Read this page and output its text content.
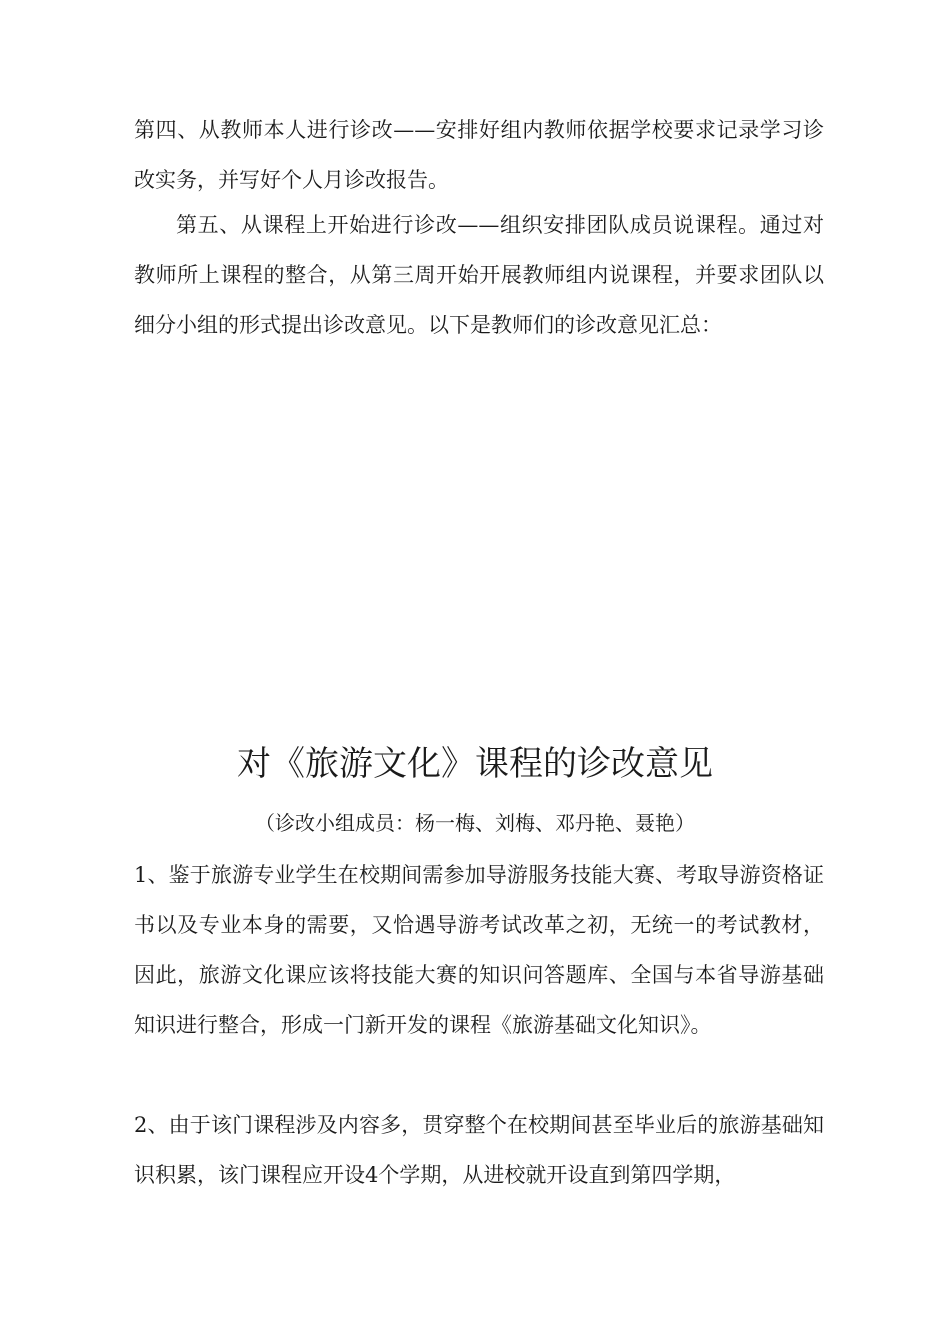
第四、从教师本人进行诊改——安排好组内教师依据学校要求记录学习诊改实务，并写好个人月诊改报告。

第五、从课程上开始进行诊改——组织安排团队成员说课程。通过对教师所上课程的整合，从第三周开始开展教师组内说课程，并要求团队以细分小组的形式提出诊改意见。以下是教师们的诊改意见汇总：

对《旅游文化》课程的诊改意见

（诊改小组成员：杨一梅、刘梅、邓丹艳、聂艳）

1、鉴于旅游专业学生在校期间需参加导游服务技能大赛、考取导游资格证书以及专业本身的需要，又恰遇导游考试改革之初，无统一的考试教材，因此，旅游文化课应该将技能大赛的知识问答题库、全国与本省导游基础知识进行整合，形成一门新开发的课程《旅游基础文化知识》。

2、由于该门课程涉及内容多，贯穿整个在校期间甚至毕业后的旅游基础知识积累，该门课程应开设4个学期，从进校就开设直到第四学期，
